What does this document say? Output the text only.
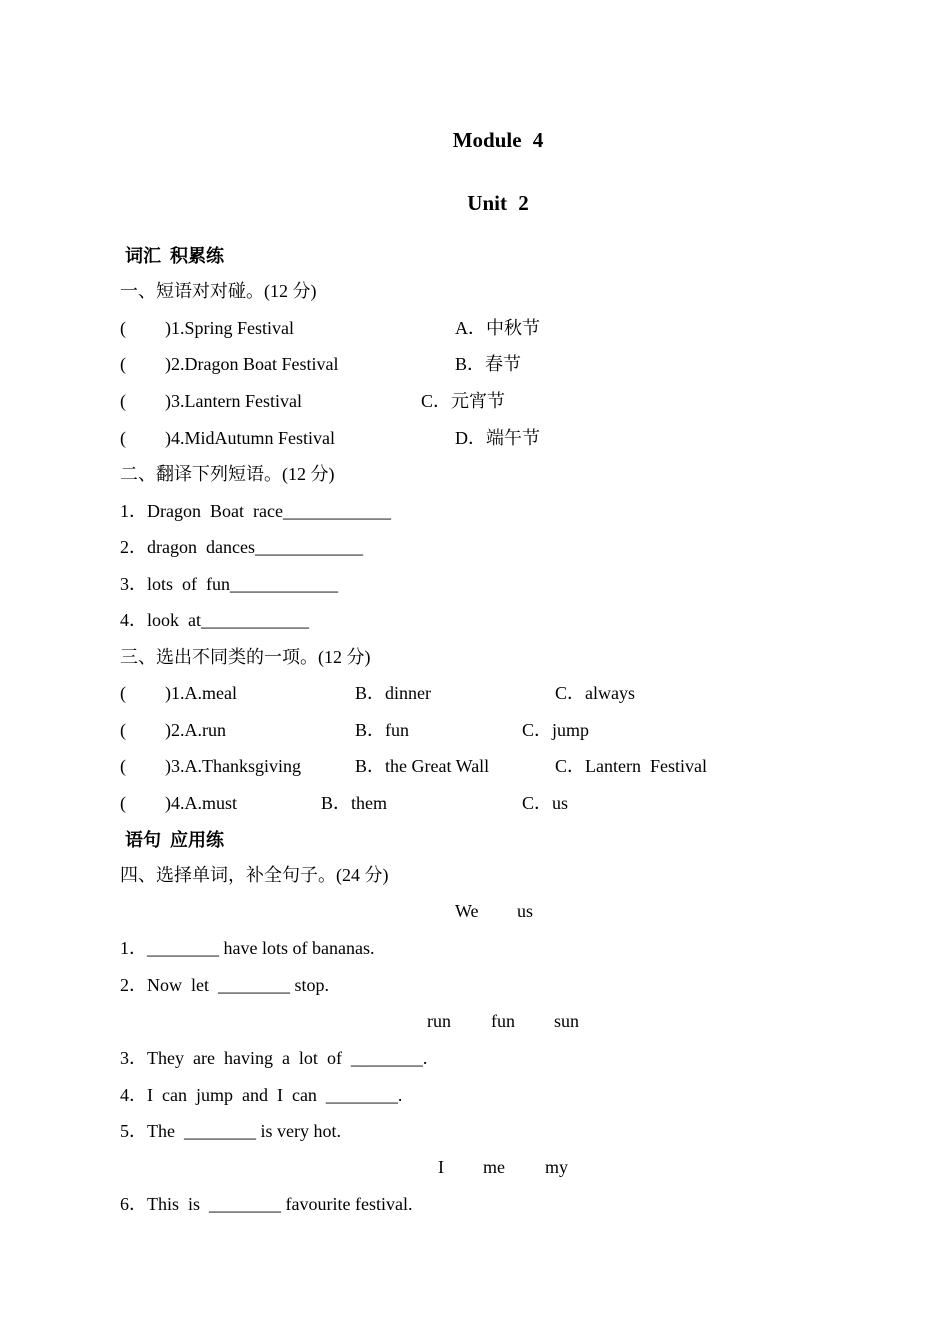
Module 4
Unit 2
词汇  积累练
一、短语对对碰。(12 分)
( )1.Spring Festival	A．中秋节
( )2.Dragon Boat Festival	B．春节
( )3.Lantern Festival	C．元宵节
( )4.MidAutumn Festival	D．端午节
二、翻译下列短语。(12 分)
1．Dragon  Boat  race____________
2．dragon  dances____________
3．lots  of  fun____________
4．look  at____________
三、选出不同类的一项。(12 分)
( )1.A.meal	B．dinner	C．always
( )2.A.run	B．fun	C．jump
( )3.A.Thanksgiving	B．the Great Wall	C．Lantern  Festival
( )4.A.must	B．them	C．us
语句  应用练
四、选择单词，补全句子。(24 分)
We us
1．________ have lots of bananas.
2．Now  let  ________ stop.
run fun sun
3．They  are  having  a  lot  of  ________.
4．I  can  jump  and  I  can  ________.
5．The  ________ is very hot.
I me my
6．This  is  ________ favourite festival.
